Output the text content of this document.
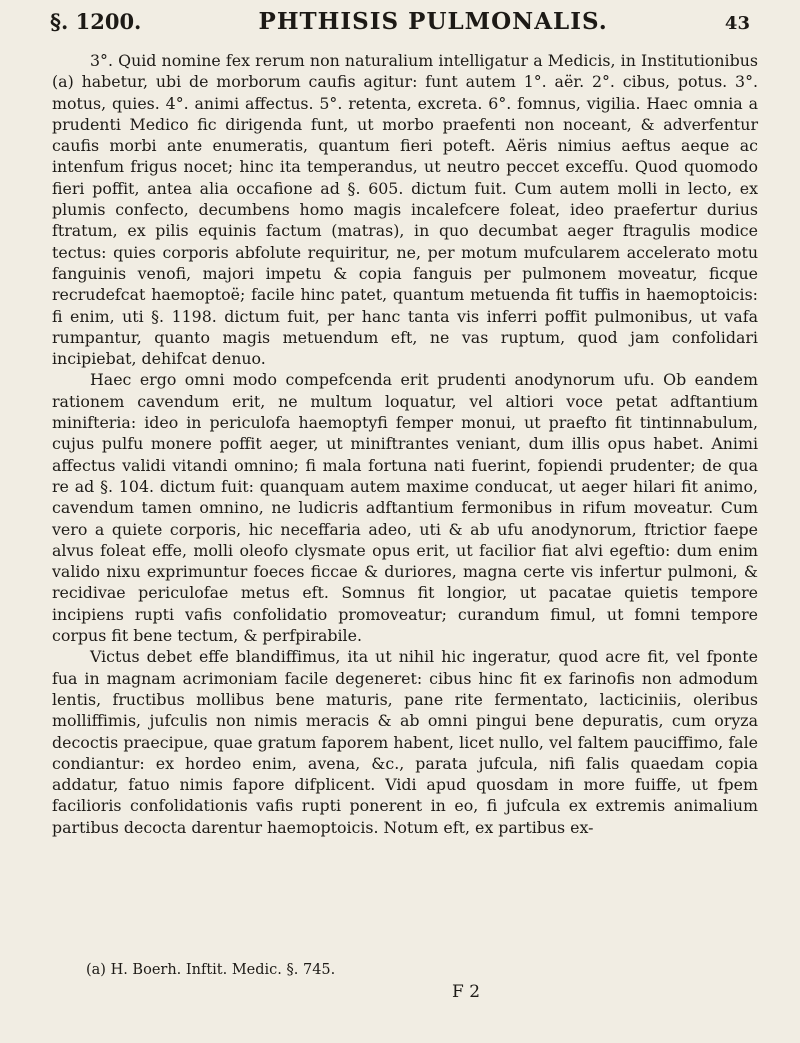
§. 1200.	PHTHISIS PULMONALIS.	43

3°. Quid nomine fex rerum non naturalium intelligatur a Medicis, in Institutionibus (a) habetur, ubi de morborum caufis agitur: funt autem 1°. aër. 2°. cibus, potus. 3°. motus, quies. 4°. animi affectus. 5°. retenta, excreta. 6°. fomnus, vigilia. Haec omnia a prudenti Medico fic dirigenda funt, ut morbo praefenti non noceant, & adverfentur caufis morbi ante enumeratis, quantum fieri poteft. Aëris nimius aeftus aeque ac intenfum frigus nocet; hinc ita temperandus, ut neutro peccet excefſu. Quod quomodo fieri poffit, antea alia occafione ad §. 605. dictum fuit. Cum autem molli in lecto, ex plumis confecto, decumbens homo magis incalefcere foleat, ideo praefertur durius ftratum, ex pilis equinis factum (matras), in quo decumbat aeger ftragulis modice tectus: quies corporis abfolute requiritur, ne, per motum mufcularem accelerato motu fanguinis venofi, majori impetu & copia fanguis per pulmonem moveatur, ficque recrudefcat haemoptoë; facile hinc patet, quantum metuenda fit tuffis in haemoptoicis: fi enim, uti §. 1198. dictum fuit, per hanc tanta vis inferri poffit pulmonibus, ut vafa rumpantur, quanto magis metuendum eft, ne vas ruptum, quod jam confolidari incipiebat, dehifcat denuo.

Haec ergo omni modo compefcenda erit prudenti anodynorum ufu. Ob eandem rationem cavendum erit, ne multum loquatur, vel altiori voce petat adftantium minifteria: ideo in periculofa haemoptyfi femper monui, ut praefto fit tintinnabulum, cujus pulfu monere poffit aeger, ut miniftrantes veniant, dum illis opus habet. Animi affectus validi vitandi omnino; fi mala fortuna nati fuerint, fopiendi prudenter; de qua re ad §. 104. dictum fuit: quanquam autem maxime conducat, ut aeger hilari fit animo, cavendum tamen omnino, ne ludicris adftantium fermonibus in rifum moveatur. Cum vero a quiete corporis, hic neceffaria adeo, uti & ab ufu anodynorum, ftrictior faepe alvus foleat effe, molli oleofo clysmate opus erit, ut facilior fiat alvi egeftio: dum enim valido nixu exprimuntur foeces ficcae & duriores, magna certe vis infertur pulmoni, & recidivae periculofae metus eft. Somnus fit longior, ut pacatae quietis tempore incipiens rupti vafis confolidatio promoveatur; curandum fimul, ut fomni tempore corpus fit bene tectum, & perfpirabile.

Victus debet effe blandiffimus, ita ut nihil hic ingeratur, quod acre fit, vel fponte fua in magnam acrimoniam facile degeneret: cibus hinc fit ex farinofis non admodum lentis, fructibus mollibus bene maturis, pane rite fermentato, lacticiniis, oleribus molliffimis, jufculis non nimis meracis & ab omni pingui bene depuratis, cum oryza decoctis praecipue, quae gratum faporem habent, licet nullo, vel faltem pauciffimo, fale condiantur: ex hordeo enim, avena, &c., parata jufcula, nifi falis quaedam copia addatur, fatuo nimis fapore difplicent. Vidi apud quosdam in more fuiffe, ut fpem facilioris confolidationis vafis rupti ponerent in eo, fi jufcula ex extremis animalium partibus decocta darentur haemoptoicis. Notum eft, ex partibus ex-

(a) H. Boerh. Inftit. Medic. §. 745.
F 2
